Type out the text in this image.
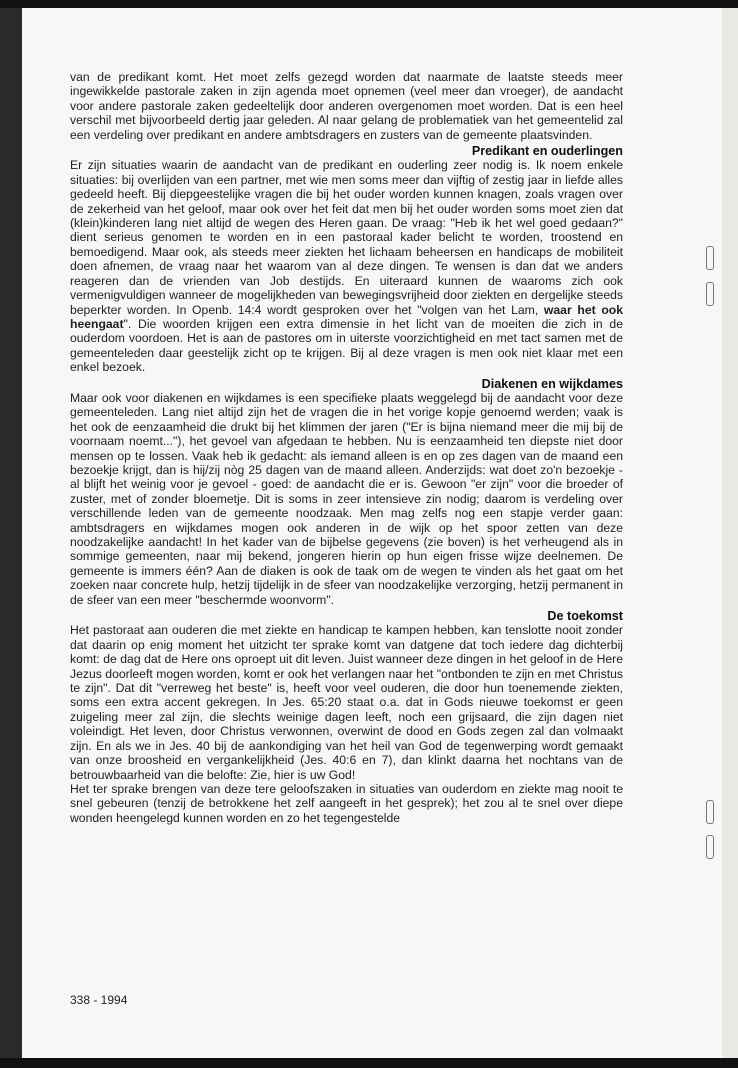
van de predikant komt. Het moet zelfs gezegd worden dat naarmate de laatste steeds meer ingewikkelde pastorale zaken in zijn agenda moet opnemen (veel meer dan vroeger), de aandacht voor andere pastorale zaken gedeeltelijk door anderen overgenomen moet worden. Dat is een heel verschil met bijvoorbeeld dertig jaar geleden. Al naar gelang de problematiek van het gemeentelid zal een verdeling over predikant en andere ambtsdragers en zusters van de gemeente plaatsvinden.

Predikant en ouderlingen

Er zijn situaties waarin de aandacht van de predikant en ouderling zeer nodig is. Ik noem enkele situaties: bij overlijden van een partner, met wie men soms meer dan vijftig of zestig jaar in liefde alles gedeeld heeft. Bij diepgeestelijke vragen die bij het ouder worden kunnen knagen, zoals vragen over de zekerheid van het geloof, maar ook over het feit dat men bij het ouder worden soms moet zien dat (klein)kinderen lang niet altijd de wegen des Heren gaan. De vraag: "Heb ik het wel goed gedaan?" dient serieus genomen te worden en in een pastoraal kader belicht te worden, troostend en bemoedigend. Maar ook, als steeds meer ziekten het lichaam beheersen en handicaps de mobiliteit doen afnemen, de vraag naar het waarom van al deze dingen. Te wensen is dan dat we anders reageren dan de vrienden van Job destijds. En uiteraard kunnen de waaroms zich ook vermenigvuldigen wanneer de mogelijkheden van bewegingsvrijheid door ziekten en dergelijke steeds beperkter worden. In Openb. 14:4 wordt gesproken over het "volgen van het Lam, waar het ook heengaat". Die woorden krijgen een extra dimensie in het licht van de moeiten die zich in de ouderdom voordoen. Het is aan de pastores om in uiterste voorzichtigheid en met tact samen met de gemeenteleden daar geestelijk zicht op te krijgen. Bij al deze vragen is men ook niet klaar met een enkel bezoek.

Diakenen en wijkdames

Maar ook voor diakenen en wijkdames is een specifieke plaats weggelegd bij de aandacht voor deze gemeenteleden. Lang niet altijd zijn het de vragen die in het vorige kopje genoemd werden; vaak is het ook de eenzaamheid die drukt bij het klimmen der jaren ("Er is bijna niemand meer die mij bij de voornaam noemt..."), het gevoel van afgedaan te hebben. Nu is eenzaamheid ten diepste niet door mensen op te lossen. Vaak heb ik gedacht: als iemand alleen is en op zes dagen van de maand een bezoekje krijgt, dan is hij/zij nòg 25 dagen van de maand alleen. Anderzijds: wat doet zo'n bezoekje - al blijft het weinig voor je gevoel - goed: de aandacht die er is. Gewoon "er zijn" voor die broeder of zuster, met of zonder bloemetje. Dit is soms in zeer intensieve zin nodig; daarom is verdeling over verschillende leden van de gemeente noodzaak. Men mag zelfs nog een stapje verder gaan: ambtsdragers en wijkdames mogen ook anderen in de wijk op het spoor zetten van deze noodzakelijke aandacht! In het kader van de bijbelse gegevens (zie boven) is het verheugend als in sommige gemeenten, naar mij bekend, jongeren hierin op hun eigen frisse wijze deelnemen. De gemeente is immers één? Aan de diaken is ook de taak om de wegen te vinden als het gaat om het zoeken naar concrete hulp, hetzij tijdelijk in de sfeer van noodzakelijke verzorging, hetzij permanent in de sfeer van een meer "beschermde woonvorm".

De toekomst

Het pastoraat aan ouderen die met ziekte en handicap te kampen hebben, kan tenslotte nooit zonder dat daarin op enig moment het uitzicht ter sprake komt van datgene dat toch iedere dag dichterbij komt: de dag dat de Here ons oproept uit dit leven. Juist wanneer deze dingen in het geloof in de Here Jezus doorleeft mogen worden, komt er ook het verlangen naar het "ontbonden te zijn en met Christus te zijn". Dat dit "verreweg het beste" is, heeft voor veel ouderen, die door hun toenemende ziekten, soms een extra accent gekregen. In Jes. 65:20 staat o.a. dat in Gods nieuwe toekomst er geen zuigeling meer zal zijn, die slechts weinige dagen leeft, noch een grijsaard, die zijn dagen niet voleindigt. Het leven, door Christus verwonnen, overwint de dood en Gods zegen zal dan volmaakt zijn. En als we in Jes. 40 bij de aankondiging van het heil van God de tegenwerping wordt gemaakt van onze broosheid en vergankelijkheid (Jes. 40:6 en 7), dan klinkt daarna het nochtans van de betrouwbaarheid van die belofte: Zie, hier is uw God!

Het ter sprake brengen van deze tere geloofszaken in situaties van ouderdom en ziekte mag nooit te snel gebeuren (tenzij de betrokkene het zelf aangeeft in het gesprek); het zou al te snel over diepe wonden heengelegd kunnen worden en zo het tegengestelde

338 - 1994
